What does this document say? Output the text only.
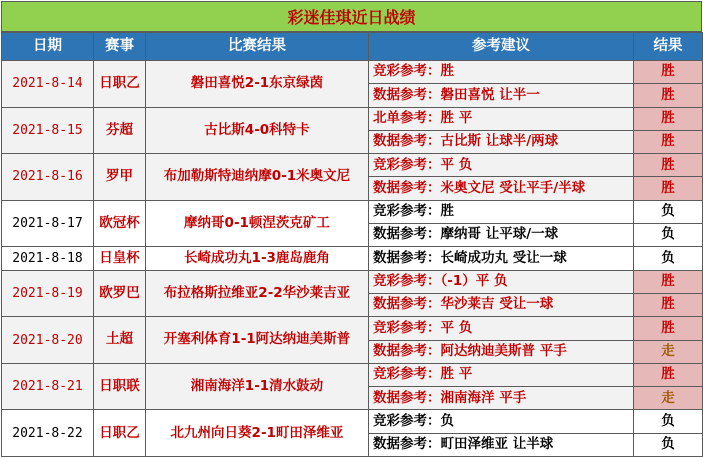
彩迷佳琪近日战绩
日期	赛事	比赛结果	参考建议	结果
2021-8-14	日职乙	磐田喜悦2-1东京绿茵	竞彩参考：胜	胜
			数据参考：磐田喜悦 让半一	胜
2021-8-15	芬超	古比斯4-0科特卡	北单参考：胜 平	胜
			数据参考：古比斯 让球半/两球	胜
2021-8-16	罗甲	布加勒斯特迪纳摩0-1米奥文尼	竞彩参考：平 负	胜
			数据参考：米奥文尼 受让平手/半球	胜
2021-8-17	欧冠杯	摩纳哥0-1顿涅茨克矿工	竞彩参考：胜	负
			数据参考：摩纳哥 让平球/一球	负
2021-8-18	日皇杯	长崎成功丸1-3鹿岛鹿角	数据参考：长崎成功丸 受让一球	负
2021-8-19	欧罗巴	布拉格斯拉维亚2-2华沙莱吉亚	竞彩参考：（-1）平 负	胜
			数据参考：华沙莱吉 受让一球	胜
2021-8-20	土超	开塞利体育1-1阿达纳迪美斯普	竞彩参考：平 负	胜
			数据参考：阿达纳迪美斯普 平手	走
2021-8-21	日职联	湘南海洋1-1清水鼓动	竞彩参考：胜 平	胜
			数据参考：湘南海洋 平手	走
2021-8-22	日职乙	北九州向日葵2-1町田泽维亚	竞彩参考：负	负
			数据参考：町田泽维亚 让半球	负
